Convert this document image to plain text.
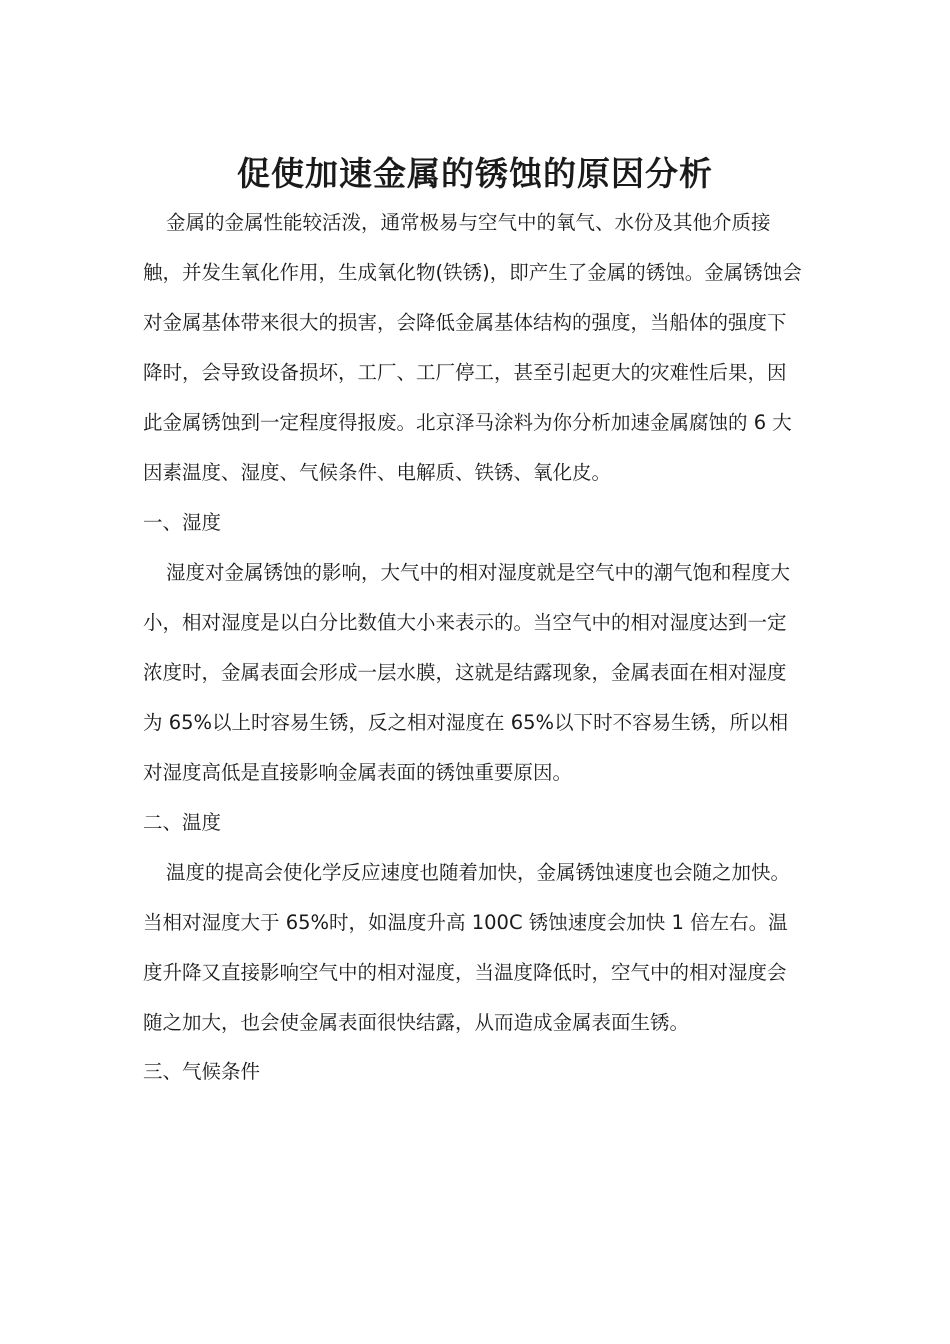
促使加速金属的锈蚀的原因分析

金属的金属性能较活泼，通常极易与空气中的氧气、水份及其他介质接触，并发生氧化作用，生成氧化物(铁锈)，即产生了金属的锈蚀。金属锈蚀会对金属基体带来很大的损害，会降低金属基体结构的强度，当船体的强度下降时，会导致设备损坏，工厂、工厂停工，甚至引起更大的灾难性后果，因此金属锈蚀到一定程度得报废。北京泽马涂料为你分析加速金属腐蚀的 6 大因素温度、湿度、气候条件、电解质、铁锈、氧化皮。

一、湿度

湿度对金属锈蚀的影响，大气中的相对湿度就是空气中的潮气饱和程度大小，相对湿度是以白分比数值大小来表示的。当空气中的相对湿度达到一定浓度时，金属表面会形成一层水膜，这就是结露现象，金属表面在相对湿度为 65%以上时容易生锈，反之相对湿度在 65%以下时不容易生锈，所以相对湿度高低是直接影响金属表面的锈蚀重要原因。

二、温度

温度的提高会使化学反应速度也随着加快，金属锈蚀速度也会随之加快。当相对湿度大于 65%时，如温度升高 100C 锈蚀速度会加快 1 倍左右。温度升降又直接影响空气中的相对湿度，当温度降低时，空气中的相对湿度会随之加大，也会使金属表面很快结露，从而造成金属表面生锈。

三、气候条件
